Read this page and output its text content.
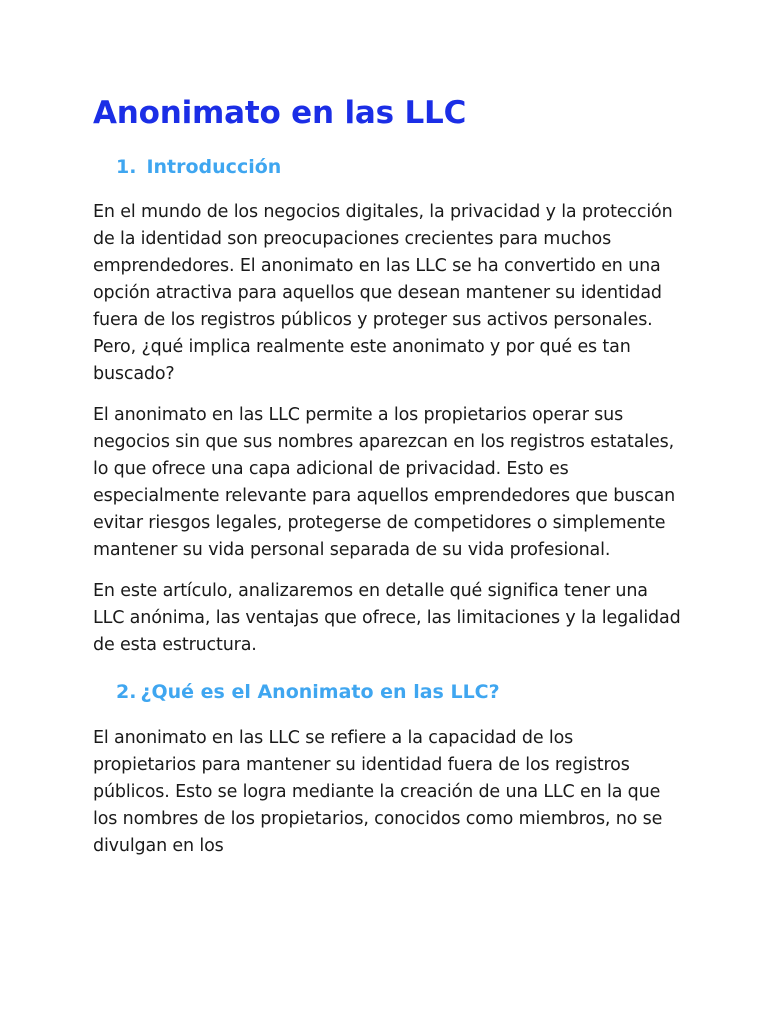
Anonimato en las LLC
1. Introducción

En el mundo de los negocios digitales, la privacidad y la protección de la identidad son preocupaciones crecientes para muchos emprendedores. El anonimato en las LLC se ha convertido en una opción atractiva para aquellos que desean mantener su identidad fuera de los registros públicos y proteger sus activos personales. Pero, ¿qué implica realmente este anonimato y por qué es tan buscado?

El anonimato en las LLC permite a los propietarios operar sus negocios sin que sus nombres aparezcan en los registros estatales, lo que ofrece una capa adicional de privacidad. Esto es especialmente relevante para aquellos emprendedores que buscan evitar riesgos legales, protegerse de competidores o simplemente mantener su vida personal separada de su vida profesional.

En este artículo, analizaremos en detalle qué significa tener una LLC anónima, las ventajas que ofrece, las limitaciones y la legalidad de esta estructura.

2. ¿Qué es el Anonimato en las LLC?

El anonimato en las LLC se refiere a la capacidad de los propietarios para mantener su identidad fuera de los registros públicos. Esto se logra mediante la creación de una LLC en la que los nombres de los propietarios, conocidos como miembros, no se divulgan en los
